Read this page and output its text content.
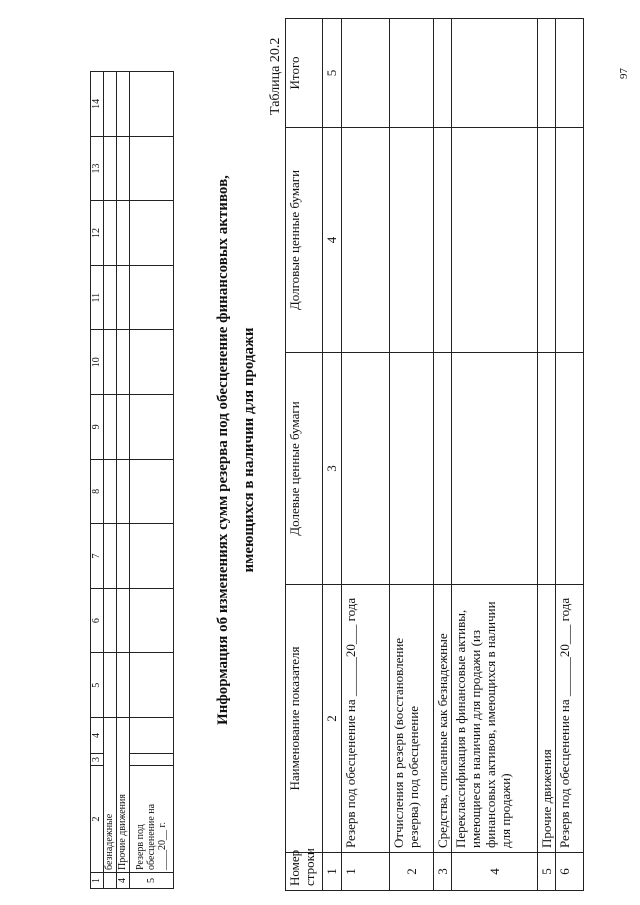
1	2	3	4	5	6	7	8	9	10	11	12	13	14
	безнадежные												
4	Прочие движения												
5	Резерв под обесценение на ____20__ г.												
Информация об изменениях сумм резерва под обесценение финансовых активов, имеющихся в наличии для продажи
Таблица 20.2
Номер строки	Наименование показателя	Долевые ценные бумаги	Долговые ценные бумаги	Итого
1	2	3	4	5
1	Резерв под обесценение на ______20___ года			
2	Отчисления в резерв (восстановление резерва) под обесценение			
3	Средства, списанные как безнадежные			
4	Переклассификация в финансовые активы, имеющиеся в наличии для продажи (из финансовых активов, имеющихся в наличии для продажи)			
5	Прочие движения			
6	Резерв под обесценение на ______20___ года			
97
